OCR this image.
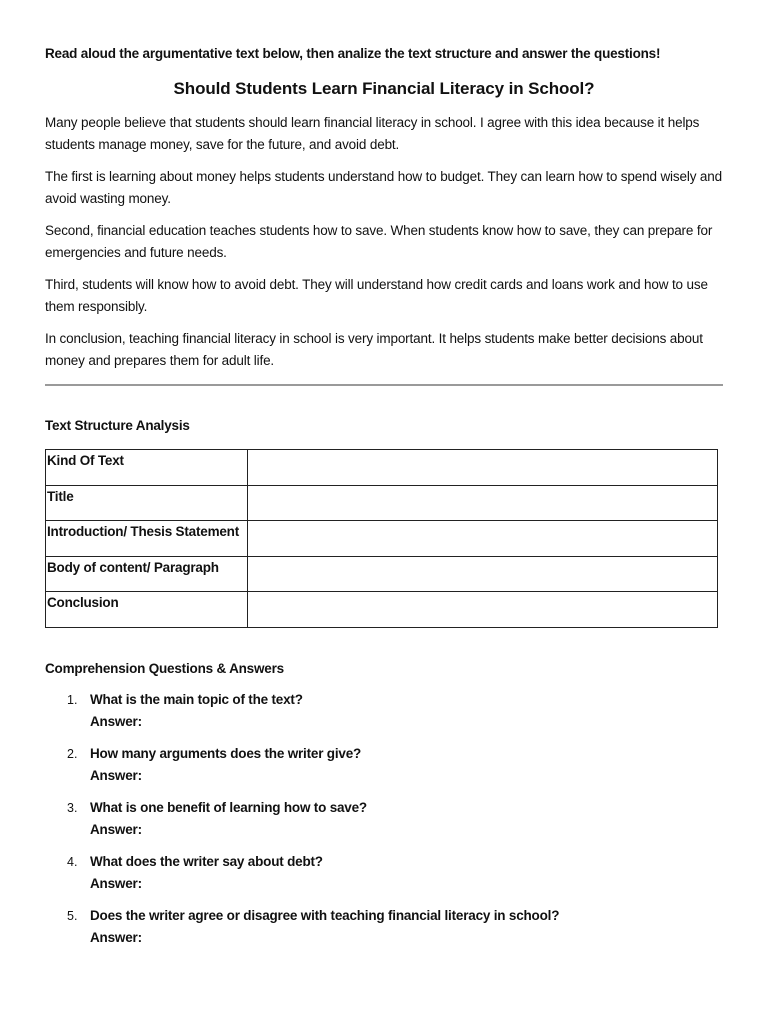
Read aloud the argumentative text below, then analize the text structure and answer the questions!

Should Students Learn Financial Literacy in School?

Many people believe that students should learn financial literacy in school. I agree with this idea because it helps students manage money, save for the future, and avoid debt.

The first is learning about money helps students understand how to budget. They can learn how to spend wisely and avoid wasting money.

Second, financial education teaches students how to save. When students know how to save, they can prepare for emergencies and future needs.

Third, students will know how to avoid debt. They will understand how credit cards and loans work and how to use them responsibly.

In conclusion, teaching financial literacy in school is very important. It helps students make better decisions about money and prepares them for adult life.

Text Structure Analysis
Kind Of Text	
Title	
Introduction/ Thesis Statement	
Body of content/ Paragraph	
Conclusion	
Comprehension Questions & Answers
1. What is the main topic of the text?
Answer:
2. How many arguments does the writer give?
Answer:
3. What is one benefit of learning how to save?
Answer:
4. What does the writer say about debt?
Answer:
5. Does the writer agree or disagree with teaching financial literacy in school?
Answer:
